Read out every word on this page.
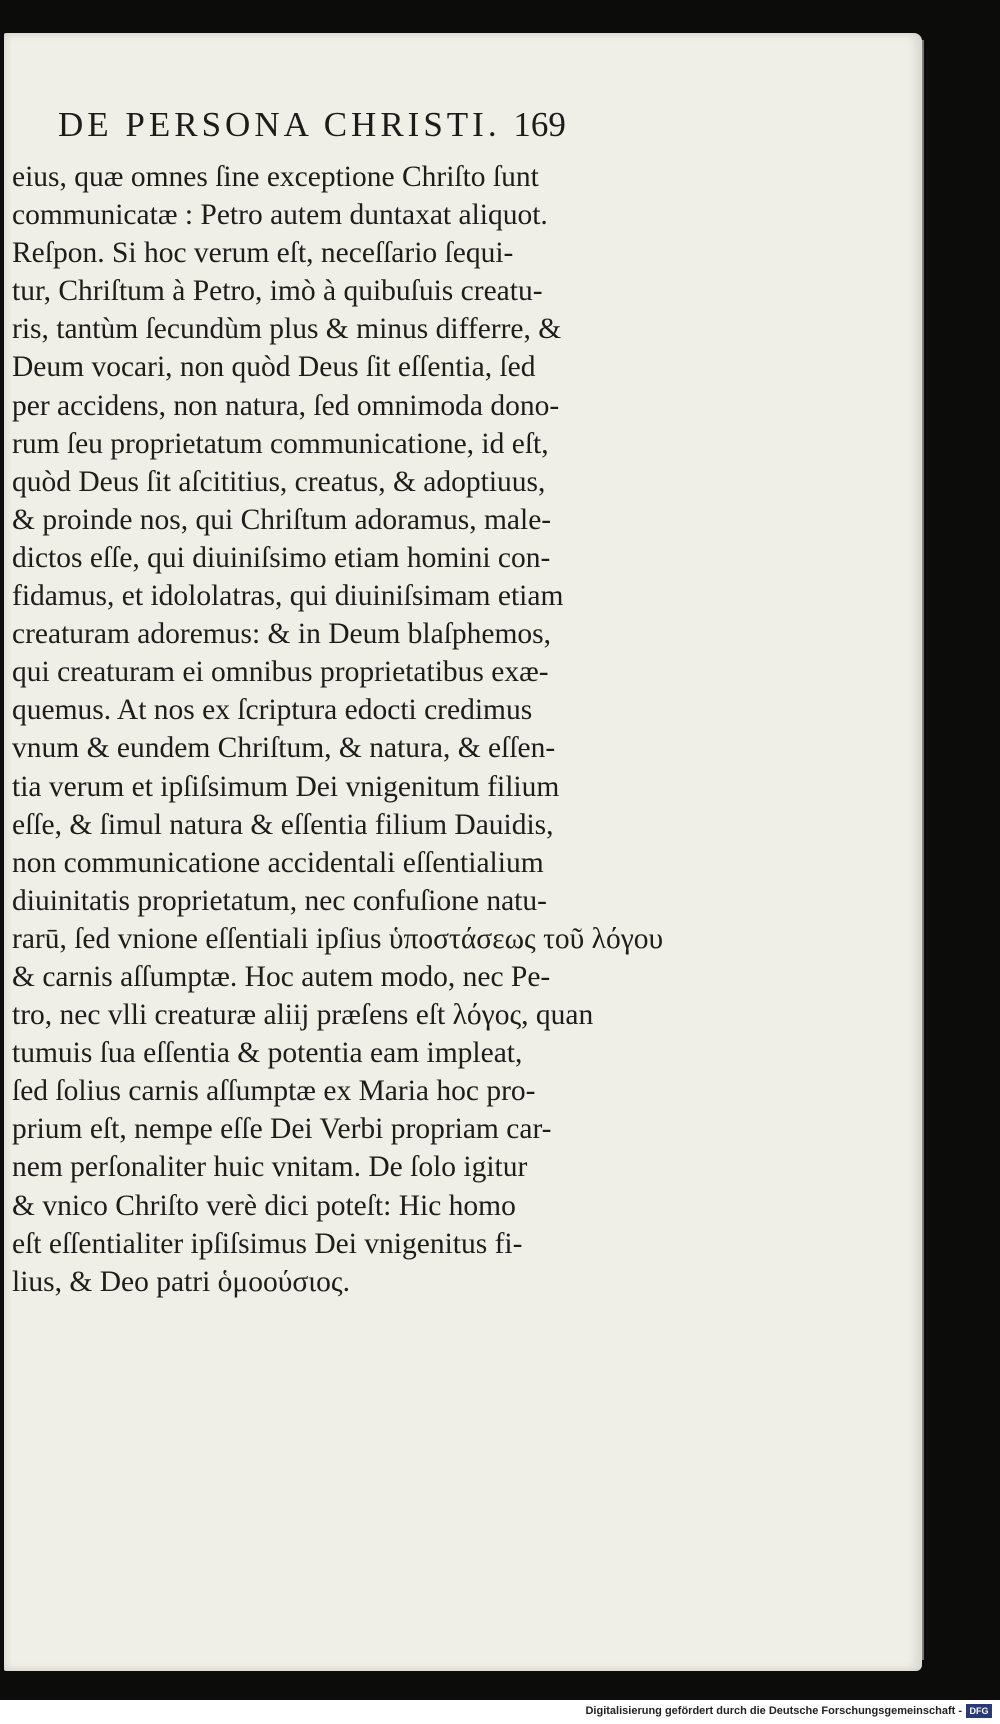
DE PERSONA CHRISTI. 169
eius, quæ omnes ſine exceptione Chriſto ſunt
communicatæ : Petro autem duntaxat aliquot.
Reſpon. Si hoc verum eſt, neceſſario ſequi-
tur, Chriſtum à Petro, imò à quibuſuis creatu-
ris, tantùm ſecundùm plus & minus differre, &
Deum vocari, non quòd Deus ſit eſſentia, ſed
per accidens, non natura, ſed omnimoda dono-
rum ſeu proprietatum communicatione, id eſt,
quòd Deus ſit aſcititius, creatus, & adoptiuus,
& proinde nos, qui Chriſtum adoramus, male-
dictos eſſe, qui diuiniſsimo etiam homini con-
fidamus, et idololatras, qui diuiniſsimam etiam
creaturam adoremus: & in Deum blaſphemos,
qui creaturam ei omnibus proprietatibus exæ-
quemus. At nos ex ſcriptura edocti credimus
vnum & eundem Chriſtum, & natura, & eſſen-
tia verum et ipſiſsimum Dei vnigenitum filium
eſſe, & ſimul natura & eſſentia filium Dauidis,
non communicatione accidentali eſſentialium
diuinitatis proprietatum, nec confuſione natu-
rarū, ſed vnione eſſentiali ipſius ὑποστάσεως τοῦ λόγου
& carnis aſſumptæ. Hoc autem modo, nec Pe-
tro, nec vlli creaturæ aliĳ præſens eſt λόγος, quan
tumuis ſua eſſentia & potentia eam impleat,
ſed ſolius carnis aſſumptæ ex Maria hoc pro-
prium eſt, nempe eſſe Dei Verbi propriam car-
nem perſonaliter huic vnitam. De ſolo igitur
& vnico Chriſto verè dici poteſt: Hic homo
eſt eſſentialiter ipſiſsimus Dei vnigenitus fi-
lius, & Deo patri ὁμοούσιος.
Digitalisierung gefördert durch die Deutsche Forschungsgemeinschaft - DFG
